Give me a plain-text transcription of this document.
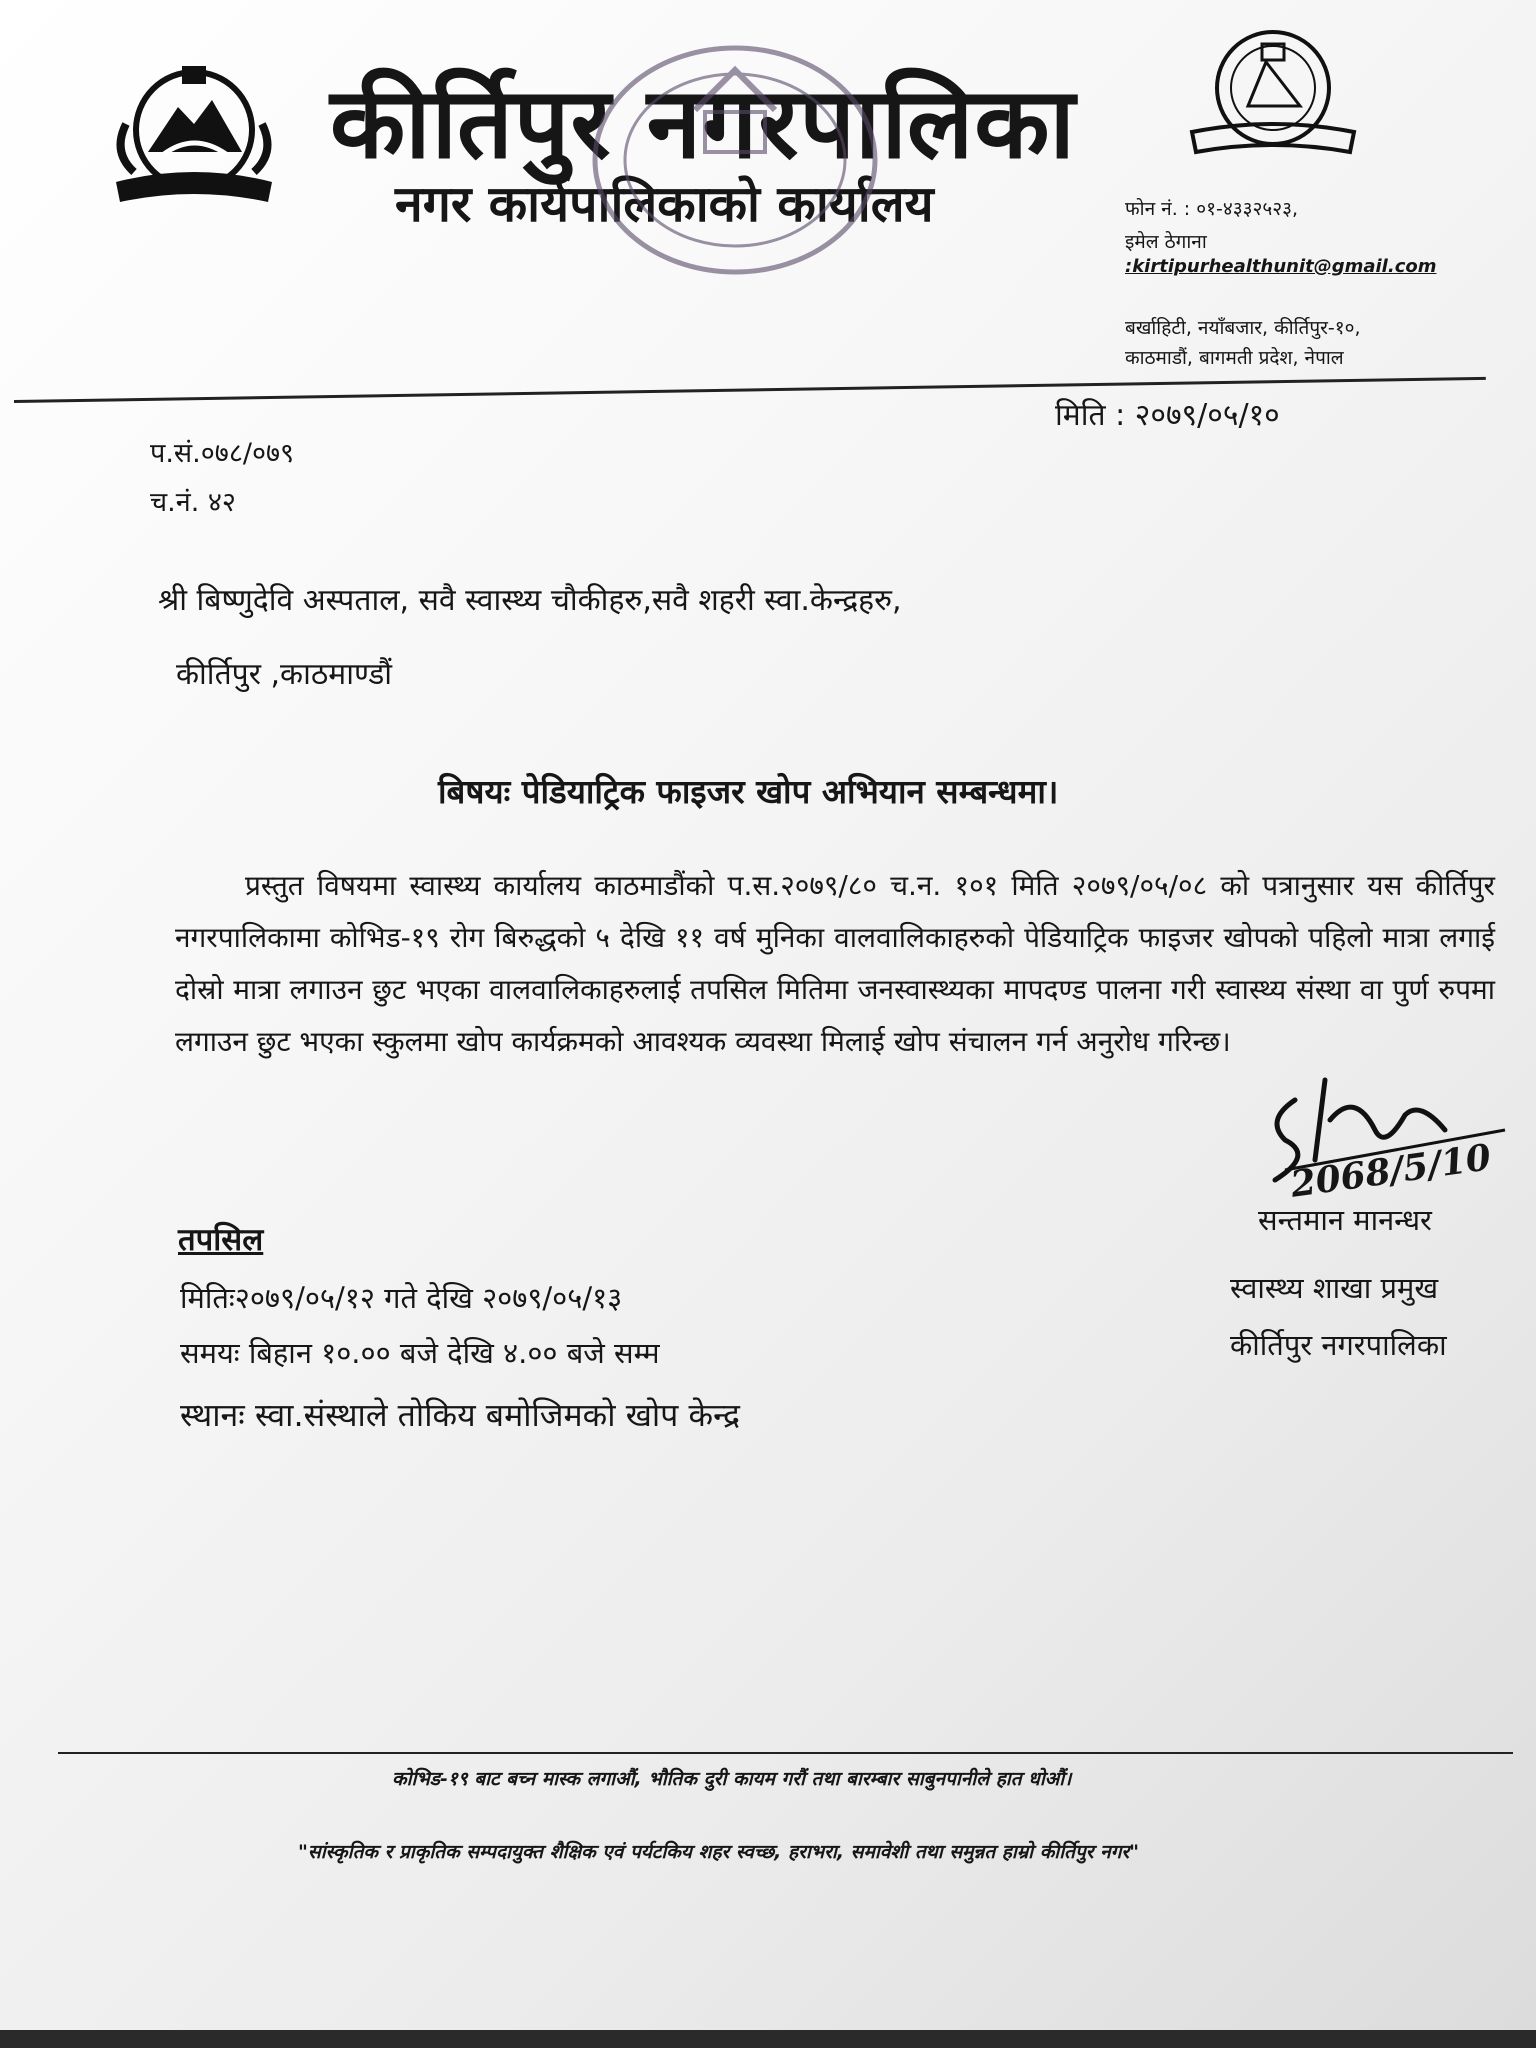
कीर्तिपुर नगरपालिका
नगर कार्यपालिकाको कार्यालय	फोन नं. : ०१-४३३२५२३,
इमेल ठेगाना
:kirtipurhealthunit@gmail.com
बर्खाहिटी, नयाँबजार, कीर्तिपुर-१०,
काठमाडौं, बागमती प्रदेश, नेपाल
मिति : २०७९/०५/१०
प.सं.०७८/०७९
च.नं. ४२
श्री बिष्णुदेवि अस्पताल, सवै स्वास्थ्य चौकीहरु,सवै शहरी स्वा.केन्द्रहरु,
कीर्तिपुर ,काठमाण्डौं
बिषयः पेडियाट्रिक फाइजर खोप अभियान सम्बन्धमा।
प्रस्तुत विषयमा स्वास्थ्य कार्यालय काठमाडौंको प.स.२०७९/८० च.न. १०१ मिति २०७९/०५/०८ को पत्रानुसार यस कीर्तिपुर नगरपालिकामा कोभिड-१९ रोग बिरुद्धको ५ देखि ११ वर्ष मुनिका वालवालिकाहरुको पेडियाट्रिक फाइजर खोपको पहिलो मात्रा लगाई दोस्रो मात्रा लगाउन छुट भएका वालवालिकाहरुलाई तपसिल मितिमा जनस्वास्थ्यका मापदण्ड पालना गरी स्वास्थ्य संस्था वा पुर्ण रुपमा लगाउन छुट भएका स्कुलमा खोप कार्यक्रमको आवश्यक व्यवस्था मिलाई खोप संचालन गर्न अनुरोध गरिन्छ।
2068/5/10
सन्तमान मानन्धर
स्वास्थ्य शाखा प्रमुख
कीर्तिपुर नगरपालिका
तपसिल
मितिः२०७९/०५/१२ गते देखि २०७९/०५/१३
समयः बिहान १०.०० बजे देखि ४.०० बजे सम्म
स्थानः स्वा.संस्थाले तोकिय बमोजिमको खोप केन्द्र
कोभिड-१९ बाट बच्न मास्क लगाऔं, भौतिक दुरी कायम गरौं तथा बारम्बार साबुनपानीले हात धोऔं।
"सांस्कृतिक र प्राकृतिक सम्पदायुक्त शैक्षिक एवं पर्यटकिय शहर स्वच्छ, हराभरा, समावेशी तथा समुन्नत हाम्रो कीर्तिपुर नगर"
